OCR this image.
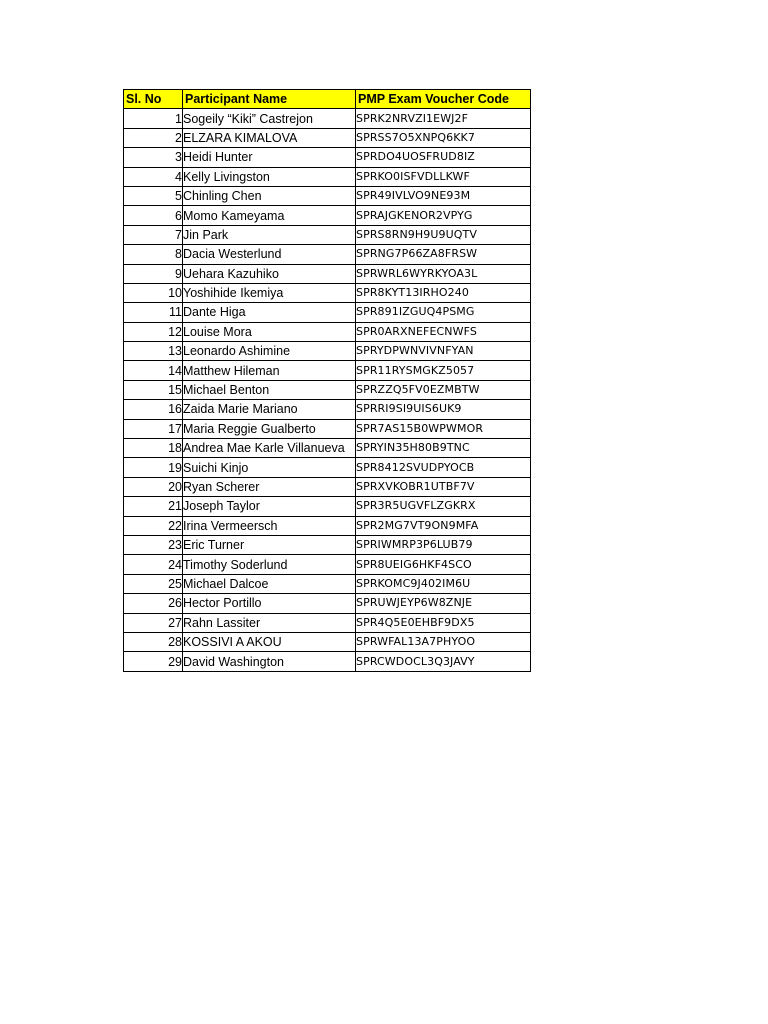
Sl. No	Participant Name	PMP Exam Voucher Code
1	Sogeily “Kiki” Castrejon	SPRK2NRVZI1EWJ2F
2	ELZARA KIMALOVA	SPRSS7O5XNPQ6KK7
3	Heidi Hunter	SPRDO4UOSFRUD8IZ
4	Kelly Livingston	SPRKO0ISFVDLLKWF
5	Chinling Chen	SPR49IVLVO9NE93M
6	Momo Kameyama	SPRAJGKENOR2VPYG
7	Jin Park	SPRS8RN9H9U9UQTV
8	Dacia Westerlund	SPRNG7P66ZA8FRSW
9	Uehara Kazuhiko	SPRWRL6WYRKYOA3L
10	Yoshihide Ikemiya	SPR8KYT13IRHO240
11	Dante Higa	SPR891IZGUQ4PSMG
12	Louise Mora	SPR0ARXNEFECNWFS
13	Leonardo Ashimine	SPRYDPWNVIVNFYAN
14	Matthew Hileman	SPR11RYSMGKZ5057
15	Michael Benton	SPRZZQ5FV0EZMBTW
16	Zaida Marie Mariano	SPRRI9SI9UIS6UK9
17	Maria Reggie Gualberto	SPR7AS15B0WPWMOR
18	Andrea Mae Karle Villanueva	SPRYIN35H80B9TNC
19	Suichi Kinjo	SPR8412SVUDPYOCB
20	Ryan Scherer	SPRXVKOBR1UTBF7V
21	Joseph Taylor	SPR3R5UGVFLZGKRX
22	Irina Vermeersch	SPR2MG7VT9ON9MFA
23	Eric Turner	SPRIWMRP3P6LUB79
24	Timothy Soderlund	SPR8UEIG6HKF4SCO
25	Michael Dalcoe	SPRKOMC9J402IM6U
26	Hector Portillo	SPRUWJEYP6W8ZNJE
27	Rahn Lassiter	SPR4Q5E0EHBF9DX5
28	KOSSIVI A AKOU	SPRWFAL13A7PHYOO
29	David Washington	SPRCWDOCL3Q3JAVY
